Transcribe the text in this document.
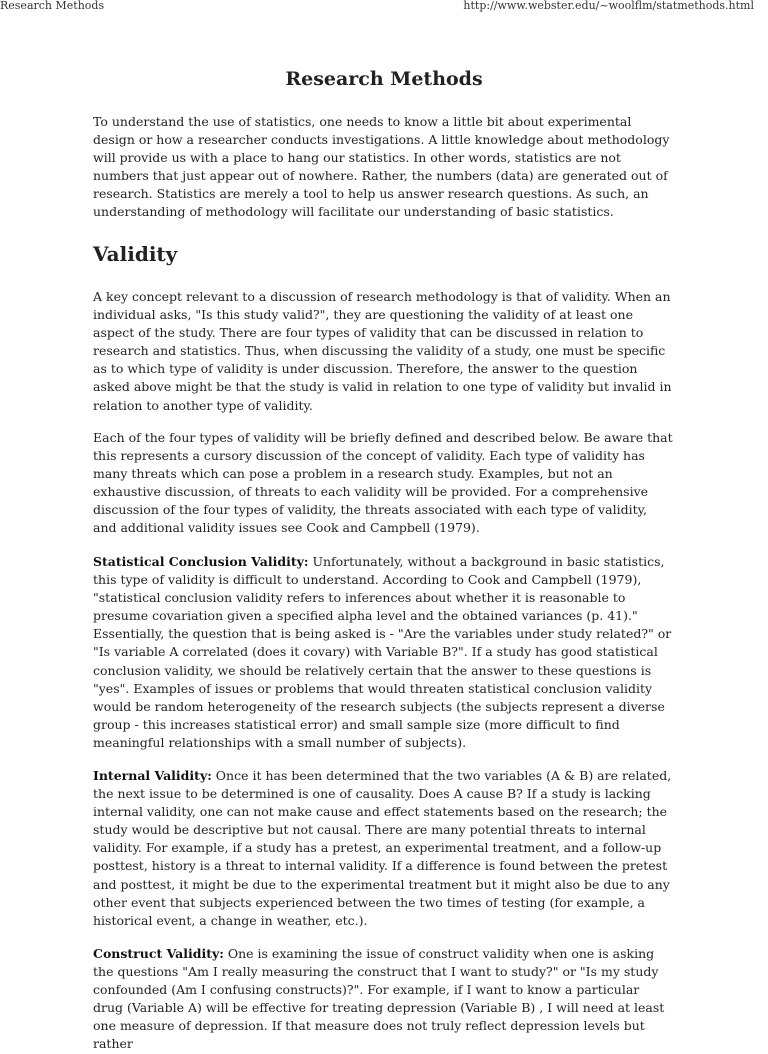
Research Methods	http://www.webster.edu/~woolflm/statmethods.html
Research Methods

To understand the use of statistics, one needs to know a little bit about experimental design or how a researcher conducts investigations. A little knowledge about methodology will provide us with a place to hang our statistics. In other words, statistics are not numbers that just appear out of nowhere. Rather, the numbers (data) are generated out of research. Statistics are merely a tool to help us answer research questions. As such, an understanding of methodology will facilitate our understanding of basic statistics.

Validity

A key concept relevant to a discussion of research methodology is that of validity. When an individual asks, "Is this study valid?", they are questioning the validity of at least one aspect of the study. There are four types of validity that can be discussed in relation to research and statistics. Thus, when discussing the validity of a study, one must be specific as to which type of validity is under discussion. Therefore, the answer to the question asked above might be that the study is valid in relation to one type of validity but invalid in relation to another type of validity.

Each of the four types of validity will be briefly defined and described below. Be aware that this represents a cursory discussion of the concept of validity. Each type of validity has many threats which can pose a problem in a research study. Examples, but not an exhaustive discussion, of threats to each validity will be provided. For a comprehensive discussion of the four types of validity, the threats associated with each type of validity, and additional validity issues see Cook and Campbell (1979).

Statistical Conclusion Validity: Unfortunately, without a background in basic statistics, this type of validity is difficult to understand. According to Cook and Campbell (1979), "statistical conclusion validity refers to inferences about whether it is reasonable to presume covariation given a specified alpha level and the obtained variances (p. 41)." Essentially, the question that is being asked is - "Are the variables under study related?" or "Is variable A correlated (does it covary) with Variable B?". If a study has good statistical conclusion validity, we should be relatively certain that the answer to these questions is "yes". Examples of issues or problems that would threaten statistical conclusion validity would be random heterogeneity of the research subjects (the subjects represent a diverse group - this increases statistical error) and small sample size (more difficult to find meaningful relationships with a small number of subjects).

Internal Validity: Once it has been determined that the two variables (A & B) are related, the next issue to be determined is one of causality. Does A cause B? If a study is lacking internal validity, one can not make cause and effect statements based on the research; the study would be descriptive but not causal. There are many potential threats to internal validity. For example, if a study has a pretest, an experimental treatment, and a follow-up posttest, history is a threat to internal validity. If a difference is found between the pretest and posttest, it might be due to the experimental treatment but it might also be due to any other event that subjects experienced between the two times of testing (for example, a historical event, a change in weather, etc.).

Construct Validity: One is examining the issue of construct validity when one is asking the questions "Am I really measuring the construct that I want to study?" or "Is my study confounded (Am I confusing constructs)?". For example, if I want to know a particular drug (Variable A) will be effective for treating depression (Variable B) , I will need at least one measure of depression. If that measure does not truly reflect depression levels but rather
